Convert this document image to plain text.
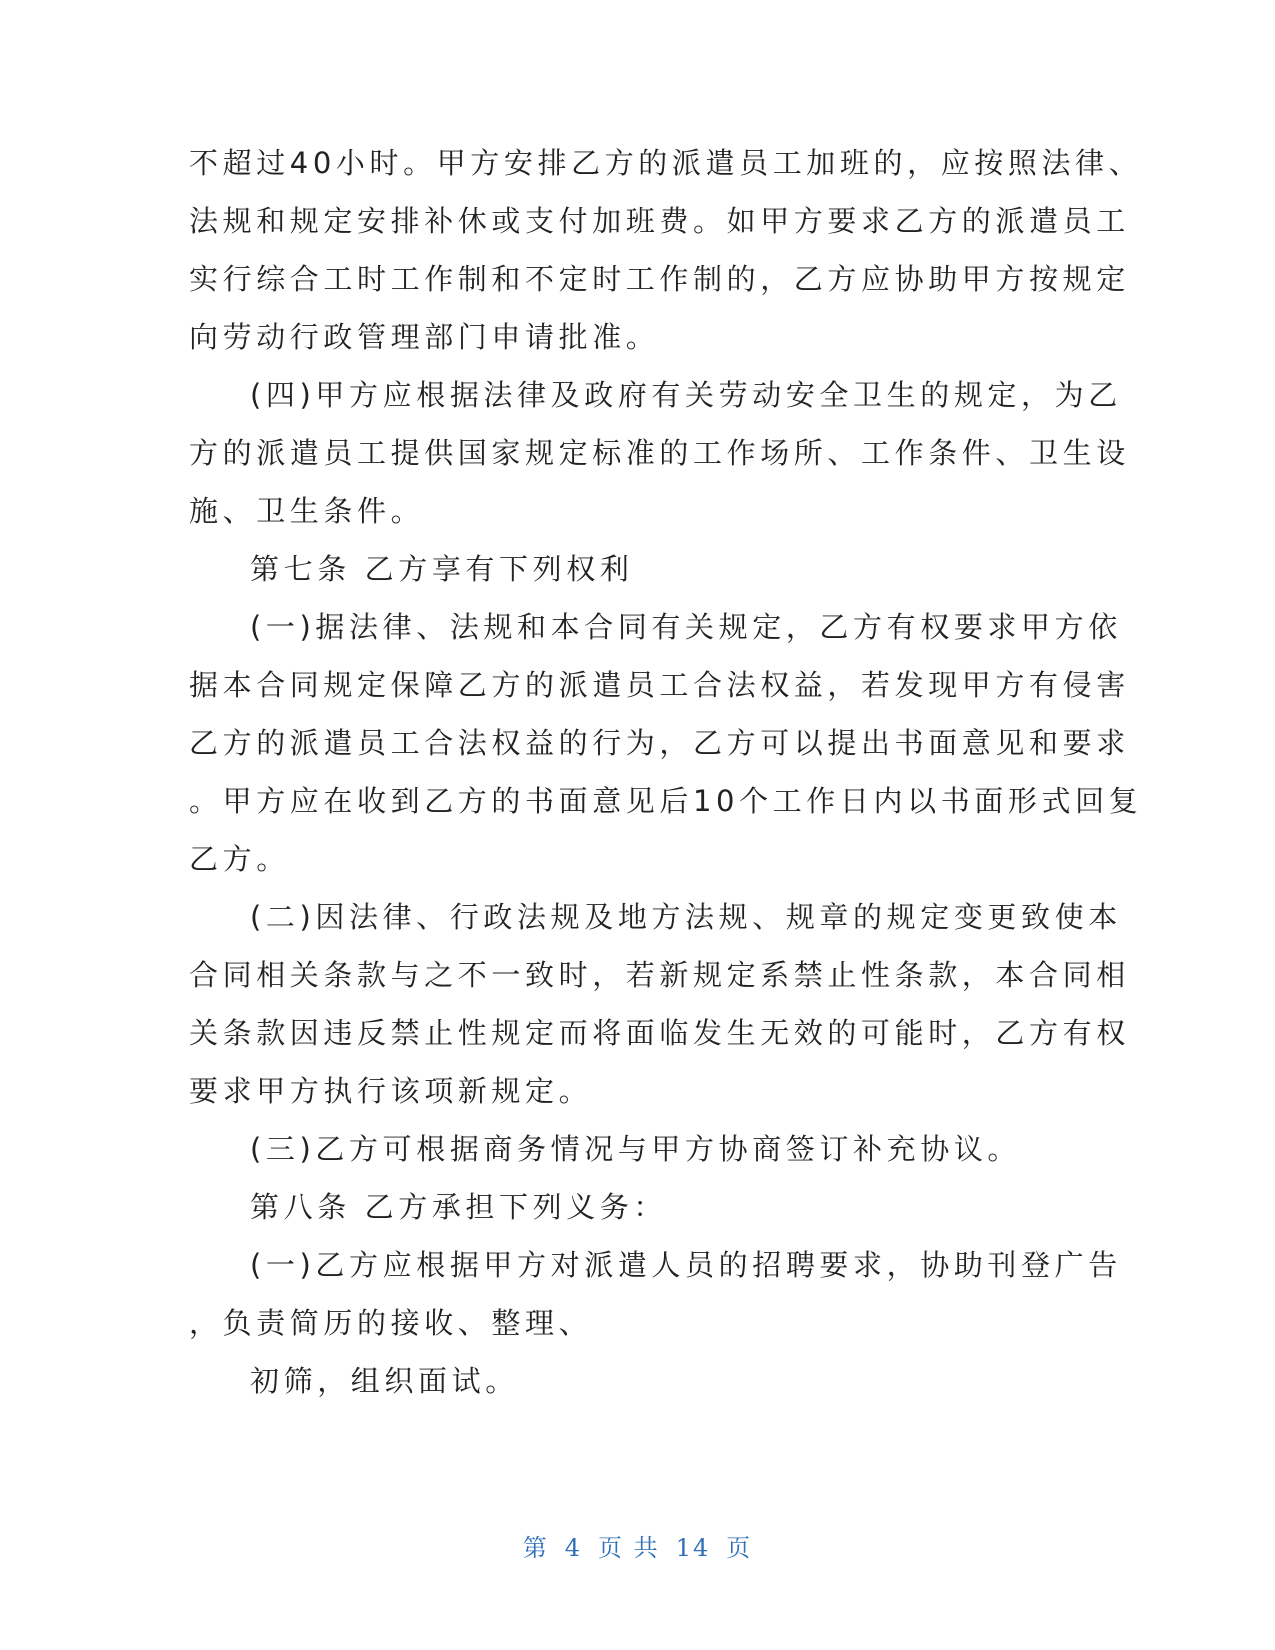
不超过40小时。甲方安排乙方的派遣员工加班的，应按照法律、
法规和规定安排补休或支付加班费。如甲方要求乙方的派遣员工
实行综合工时工作制和不定时工作制的，乙方应协助甲方按规定
向劳动行政管理部门申请批准。
(四)甲方应根据法律及政府有关劳动安全卫生的规定，为乙
方的派遣员工提供国家规定标准的工作场所、工作条件、卫生设
施、卫生条件。
第七条 乙方享有下列权利
(一)据法律、法规和本合同有关规定，乙方有权要求甲方依
据本合同规定保障乙方的派遣员工合法权益，若发现甲方有侵害
乙方的派遣员工合法权益的行为，乙方可以提出书面意见和要求
。甲方应在收到乙方的书面意见后10个工作日内以书面形式回复
乙方。
(二)因法律、行政法规及地方法规、规章的规定变更致使本
合同相关条款与之不一致时，若新规定系禁止性条款，本合同相
关条款因违反禁止性规定而将面临发生无效的可能时，乙方有权
要求甲方执行该项新规定。
(三)乙方可根据商务情况与甲方协商签订补充协议。
第八条 乙方承担下列义务：
(一)乙方应根据甲方对派遣人员的招聘要求，协助刊登广告
，负责简历的接收、整理、
初筛，组织面试。
第 4 页 共 14 页
